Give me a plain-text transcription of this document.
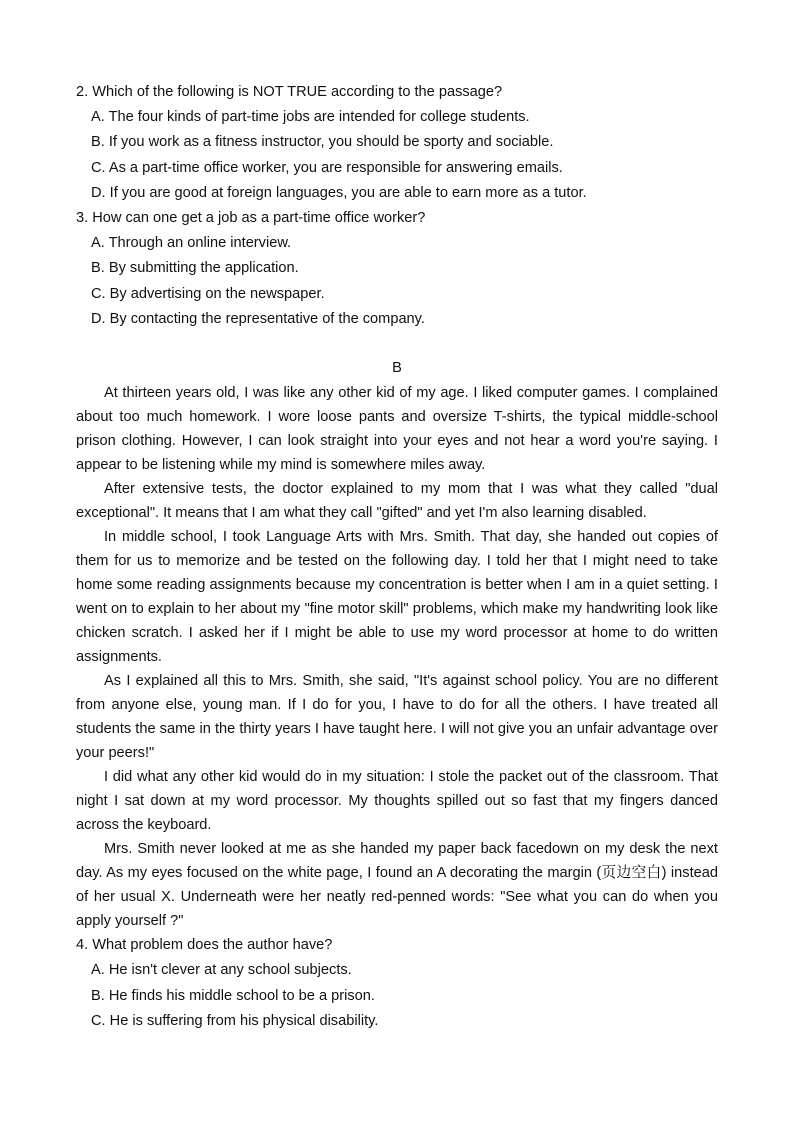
2. Which of the following is NOT TRUE according to the passage?
A. The four kinds of part-time jobs are intended for college students.
B. If you work as a fitness instructor, you should be sporty and sociable.
C. As a part-time office worker, you are responsible for answering emails.
D. If you are good at foreign languages, you are able to earn more as a tutor.
3. How can one get a job as a part-time office worker?
A. Through an online interview.
B. By submitting the application.
C. By advertising on the newspaper.
D. By contacting the representative of the company.
B
At thirteen years old, I was like any other kid of my age. I liked computer games. I complained about too much homework. I wore loose pants and oversize T-shirts, the typical middle-school prison clothing. However, I can look straight into your eyes and not hear a word you're saying. I appear to be listening while my mind is somewhere miles away.
After extensive tests, the doctor explained to my mom that I was what they called "dual exceptional". It means that I am what they call "gifted" and yet I'm also learning disabled.
In middle school, I took Language Arts with Mrs. Smith. That day, she handed out copies of them for us to memorize and be tested on the following day. I told her that I might need to take home some reading assignments because my concentration is better when I am in a quiet setting. I went on to explain to her about my "fine motor skill" problems, which make my handwriting look like chicken scratch. I asked her if I might be able to use my word processor at home to do written assignments.
As I explained all this to Mrs. Smith, she said, "It's against school policy. You are no different from anyone else, young man. If I do for you, I have to do for all the others. I have treated all students the same in the thirty years I have taught here. I will not give you an unfair advantage over your peers!"
I did what any other kid would do in my situation: I stole the packet out of the classroom. That night I sat down at my word processor. My thoughts spilled out so fast that my fingers danced across the keyboard.
Mrs. Smith never looked at me as she handed my paper back facedown on my desk the next day. As my eyes focused on the white page, I found an A decorating the margin (页边空白) instead of her usual X. Underneath were her neatly red-penned words: "See what you can do when you apply yourself ?"
4. What problem does the author have?
A. He isn't clever at any school subjects.
B. He finds his middle school to be a prison.
C. He is suffering from his physical disability.
